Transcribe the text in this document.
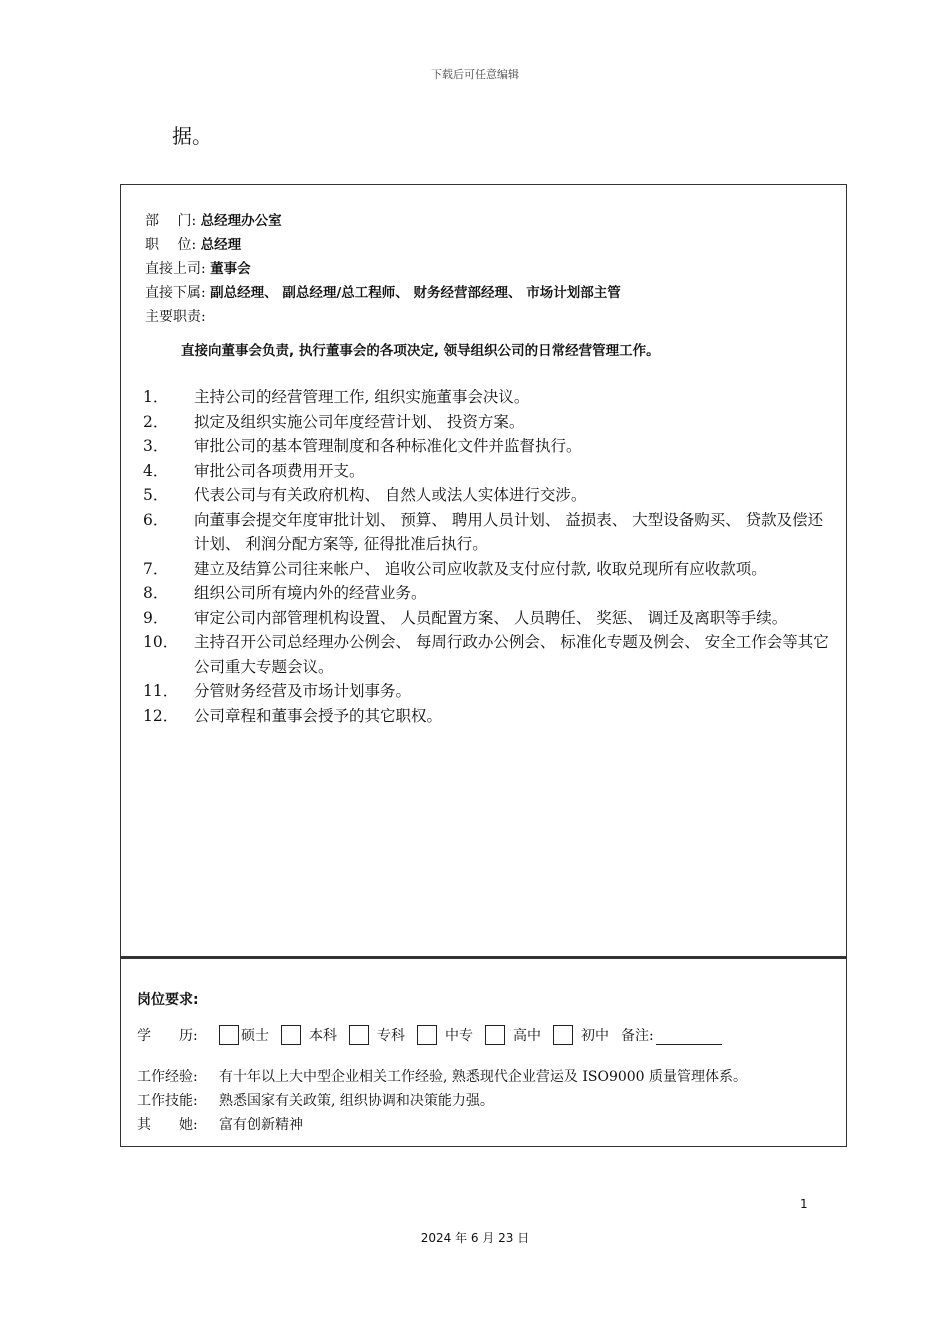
下载后可任意编辑
据。
部　 门: 总经理办公室
职　 位: 总经理
直接上司: 董事会
直接下属: 副总经理、 副总经理/总工程师、 财务经营部经理、 市场计划部主管
主要职责:
直接向董事会负责, 执行董事会的各项决定, 领导组织公司的日常经营管理工作。
1． 主持公司的经营管理工作, 组织实施董事会决议。
2． 拟定及组织实施公司年度经营计划、 投资方案。
3． 审批公司的基本管理制度和各种标准化文件并监督执行。
4． 审批公司各项费用开支。
5． 代表公司与有关政府机构、 自然人或法人实体进行交涉。
6． 向董事会提交年度审批计划、 预算、 聘用人员计划、 益损表、 大型设备购买、 贷款及偿还计划、 利润分配方案等, 征得批准后执行。
7． 建立及结算公司往来帐户、 追收公司应收款及支付应付款, 收取兑现所有应收款项。
8． 组织公司所有境内外的经营业务。
9． 审定公司内部管理机构设置、 人员配置方案、 人员聘任、 奖惩、 调迁及离职等手续。
10． 主持召开公司总经理办公例会、 每周行政办公例会、 标准化专题及例会、 安全工作会等其它公司重大专题会议。
11． 分管财务经营及市场计划事务。
12． 公司章程和董事会授予的其它职权。
岗位要求:
学　　历:	硕士	本科	专科	中专	高中	初中 备注:
工作经验: 有十年以上大中型企业相关工作经验, 熟悉现代企业营运及 ISO9000 质量管理体系。
工作技能: 熟悉国家有关政策, 组织协调和决策能力强。
其　　她: 富有创新精神
1
2024 年 6 月 23 日
